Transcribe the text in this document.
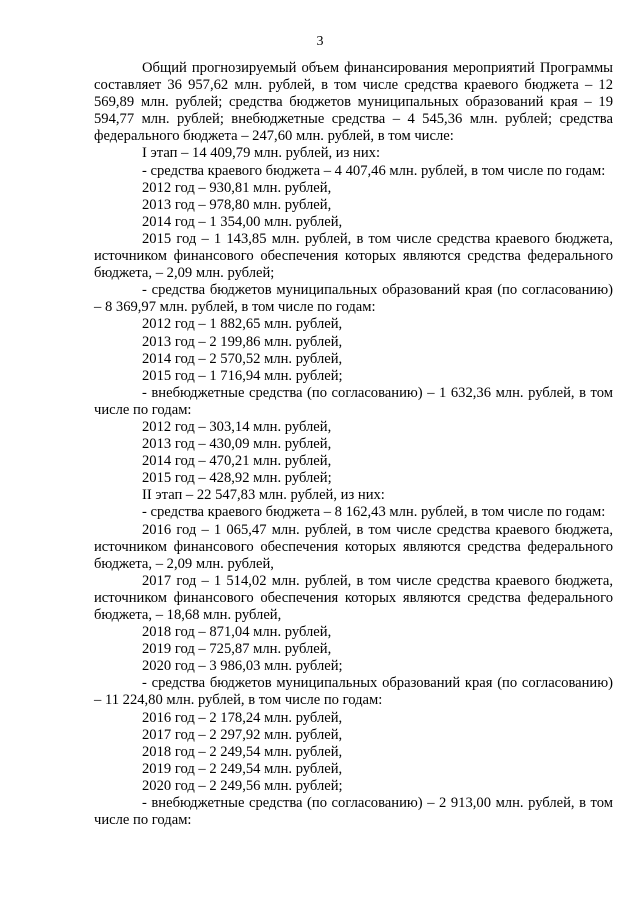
3

Общий прогнозируемый объем финансирования мероприятий Программы составляет 36 957,62 млн. рублей, в том числе средства краевого бюджета – 12 569,89 млн. рублей; средства бюджетов муниципальных образований края – 19 594,77 млн. рублей; внебюджетные средства – 4 545,36 млн. рублей; средства федерального бюджета – 247,60 млн. рублей, в том числе:

I этап – 14 409,79 млн. рублей, из них:

- средства краевого бюджета – 4 407,46 млн. рублей, в том числе по годам:

2012 год – 930,81 млн. рублей,

2013 год – 978,80 млн. рублей,

2014 год – 1 354,00 млн. рублей,

2015 год – 1 143,85 млн. рублей, в том числе средства краевого бюджета, источником финансового обеспечения которых являются средства федерального бюджета, – 2,09 млн. рублей;

- средства бюджетов муниципальных образований края (по согласованию) – 8 369,97 млн. рублей, в том числе по годам:

2012 год – 1 882,65 млн. рублей,

2013 год – 2 199,86 млн. рублей,

2014 год – 2 570,52 млн. рублей,

2015 год – 1 716,94 млн. рублей;

- внебюджетные средства (по согласованию) – 1 632,36 млн. рублей, в том числе по годам:

2012 год – 303,14 млн. рублей,

2013 год – 430,09 млн. рублей,

2014 год – 470,21 млн. рублей,

2015 год – 428,92 млн. рублей;

II этап – 22 547,83 млн. рублей, из них:

- средства краевого бюджета – 8 162,43 млн. рублей, в том числе по годам:

2016 год – 1 065,47 млн. рублей, в том числе средства краевого бюджета, источником финансового обеспечения которых являются средства федерального бюджета, – 2,09 млн. рублей,

2017 год – 1 514,02 млн. рублей, в том числе средства краевого бюджета, источником финансового обеспечения которых являются средства федерального бюджета, – 18,68 млн. рублей,

2018 год – 871,04 млн. рублей,

2019 год – 725,87 млн. рублей,

2020 год – 3 986,03 млн. рублей;

- средства бюджетов муниципальных образований края (по согласованию) – 11 224,80 млн. рублей, в том числе по годам:

2016 год – 2 178,24 млн. рублей,

2017 год – 2 297,92 млн. рублей,

2018 год – 2 249,54 млн. рублей,

2019 год – 2 249,54 млн. рублей,

2020 год – 2 249,56 млн. рублей;

- внебюджетные средства (по согласованию) – 2 913,00 млн. рублей, в том числе по годам:
